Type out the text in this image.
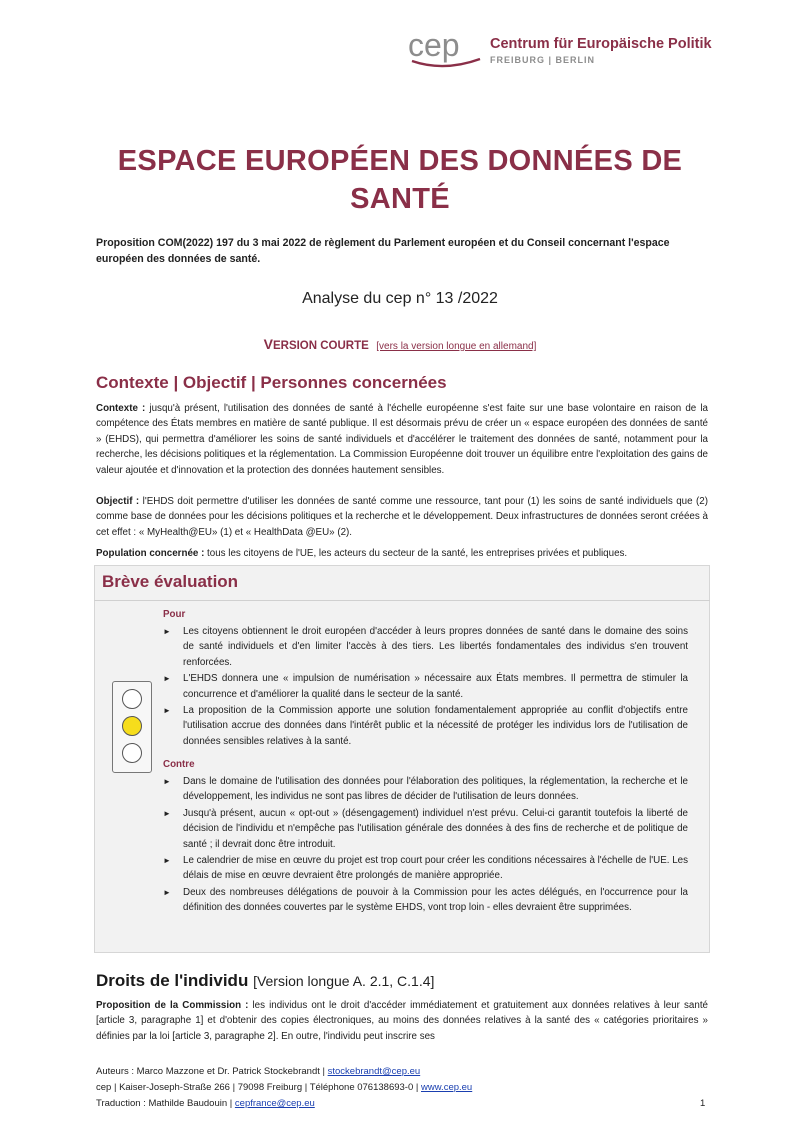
cep Centrum für Europäische Politik
FREIBURG | BERLIN
ESPACE EUROPÉEN DES DONNÉES DE SANTÉ
Proposition COM(2022) 197 du 3 mai 2022 de règlement du Parlement européen et du Conseil concernant l'espace européen des données de santé.
Analyse du cep n° 13 /2022
VERSION COURTE [vers la version longue en allemand]
Contexte | Objectif | Personnes concernées
Contexte : jusqu'à présent, l'utilisation des données de santé à l'échelle européenne s'est faite sur une base volontaire en raison de la compétence des États membres en matière de santé publique. Il est désormais prévu de créer un « espace européen des données de santé » (EHDS), qui permettra d'améliorer les soins de santé individuels et d'accélérer le traitement des données de santé, notamment pour la recherche, les décisions politiques et la réglementation. La Commission Européenne doit trouver un équilibre entre l'exploitation des gains de valeur ajoutée et d'innovation et la protection des données hautement sensibles.
Objectif : l'EHDS doit permettre d'utiliser les données de santé comme une ressource, tant pour (1) les soins de santé individuels que (2) comme base de données pour les décisions politiques et la recherche et le développement. Deux infrastructures de données seront créées à cet effet : « MyHealth@EU» (1) et « HealthData @EU» (2).
Population concernée : tous les citoyens de l'UE, les acteurs du secteur de la santé, les entreprises privées et publiques.
Brève évaluation
Pour
► Les citoyens obtiennent le droit européen d'accéder à leurs propres données de santé dans le domaine des soins de santé individuels et d'en limiter l'accès à des tiers. Les libertés fondamentales des individus s'en trouvent renforcées.
► L'EHDS donnera une « impulsion de numérisation » nécessaire aux États membres. Il permettra de stimuler la concurrence et d'améliorer la qualité dans le secteur de la santé.
► La proposition de la Commission apporte une solution fondamentalement appropriée au conflit d'objectifs entre l'utilisation accrue des données dans l'intérêt public et la nécessité de protéger les individus lors de l'utilisation de données sensibles relatives à la santé.
Contre
► Dans le domaine de l'utilisation des données pour l'élaboration des politiques, la réglementation, la recherche et le développement, les individus ne sont pas libres de décider de l'utilisation de leurs données.
► Jusqu'à présent, aucun « opt-out » (désengagement) individuel n'est prévu. Celui-ci garantit toutefois la liberté de décision de l'individu et n'empêche pas l'utilisation générale des données à des fins de recherche et de politique de santé ; il devrait donc être introduit.
► Le calendrier de mise en œuvre du projet est trop court pour créer les conditions nécessaires à l'échelle de l'UE. Les délais de mise en œuvre devraient être prolongés de manière appropriée.
► Deux des nombreuses délégations de pouvoir à la Commission pour les actes délégués, en l'occurrence pour la définition des données couvertes par le système EHDS, vont trop loin - elles devraient être supprimées.
Droits de l'individu [Version longue A. 2.1, C.1.4]
Proposition de la Commission : les individus ont le droit d'accéder immédiatement et gratuitement aux données relatives à leur santé [article 3, paragraphe 1] et d'obtenir des copies électroniques, au moins des données relatives à la santé des « catégories prioritaires » définies par la loi [article 3, paragraphe 2]. En outre, l'individu peut inscrire ses
Auteurs : Marco Mazzone et Dr. Patrick Stockebrandt | stockebrandt@cep.eu
cep | Kaiser-Joseph-Straße 266 | 79098 Freiburg | Téléphone 076138693-0 | www.cep.eu
Traduction : Mathilde Baudouin | cepfrance@cep.eu	1
